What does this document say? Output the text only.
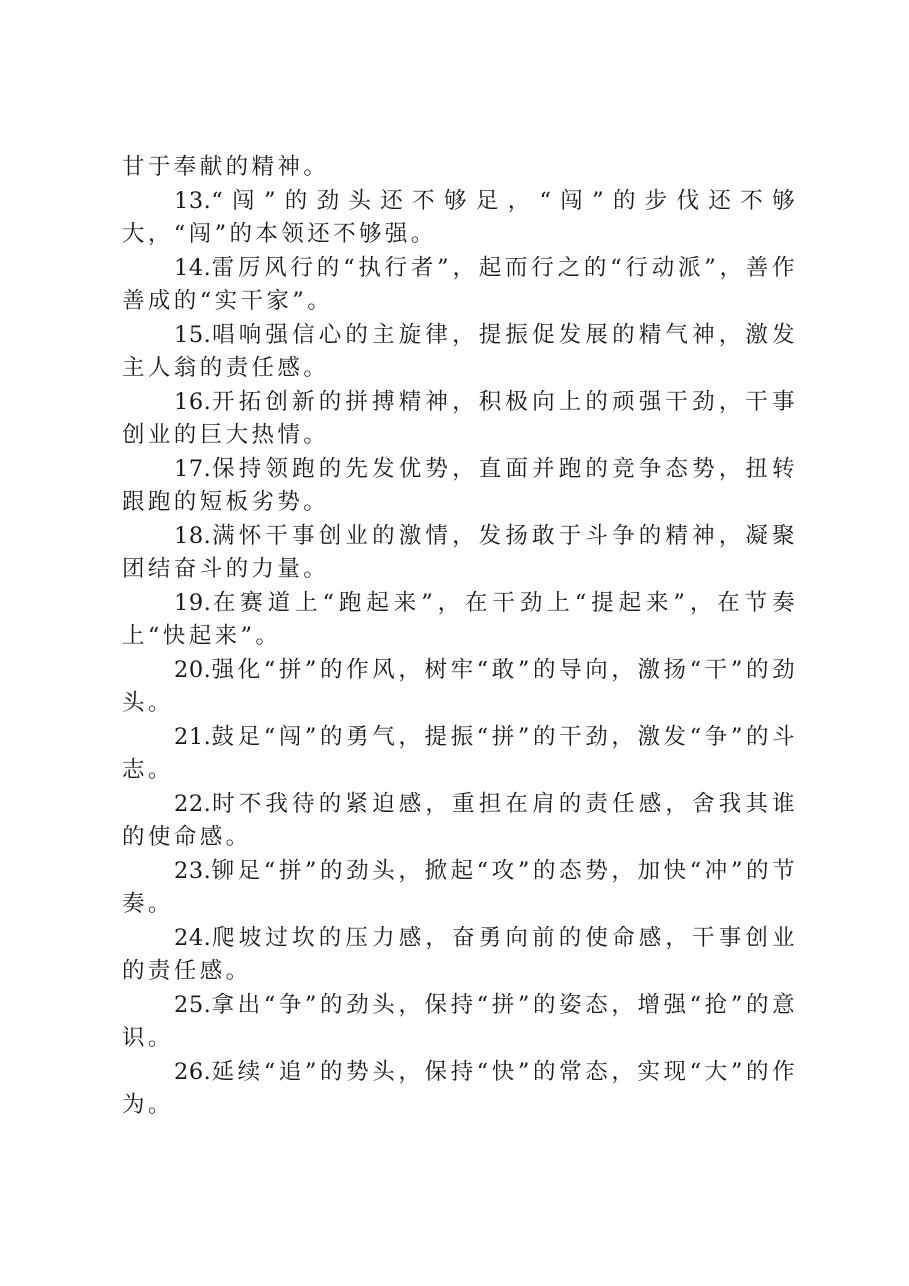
甘于奉献的精神。

13.“闯”的劲头还不够足，“闯”的步伐还不够大，“闯”的本领还不够强。

14.雷厉风行的“执行者”，起而行之的“行动派”，善作善成的“实干家”。

15.唱响强信心的主旋律，提振促发展的精气神，激发主人翁的责任感。

16.开拓创新的拼搏精神，积极向上的顽强干劲，干事创业的巨大热情。

17.保持领跑的先发优势，直面并跑的竞争态势，扭转跟跑的短板劣势。

18.满怀干事创业的激情，发扬敢于斗争的精神，凝聚团结奋斗的力量。

19.在赛道上“跑起来”，在干劲上“提起来”，在节奏上“快起来”。

20.强化“拼”的作风，树牢“敢”的导向，激扬“干”的劲头。

21.鼓足“闯”的勇气，提振“拼”的干劲，激发“争”的斗志。

22.时不我待的紧迫感，重担在肩的责任感，舍我其谁的使命感。

23.铆足“拼”的劲头，掀起“攻”的态势，加快“冲”的节奏。

24.爬坡过坎的压力感，奋勇向前的使命感，干事创业的责任感。

25.拿出“争”的劲头，保持“拼”的姿态，增强“抢”的意识。

26.延续“追”的势头，保持“快”的常态，实现“大”的作为。
